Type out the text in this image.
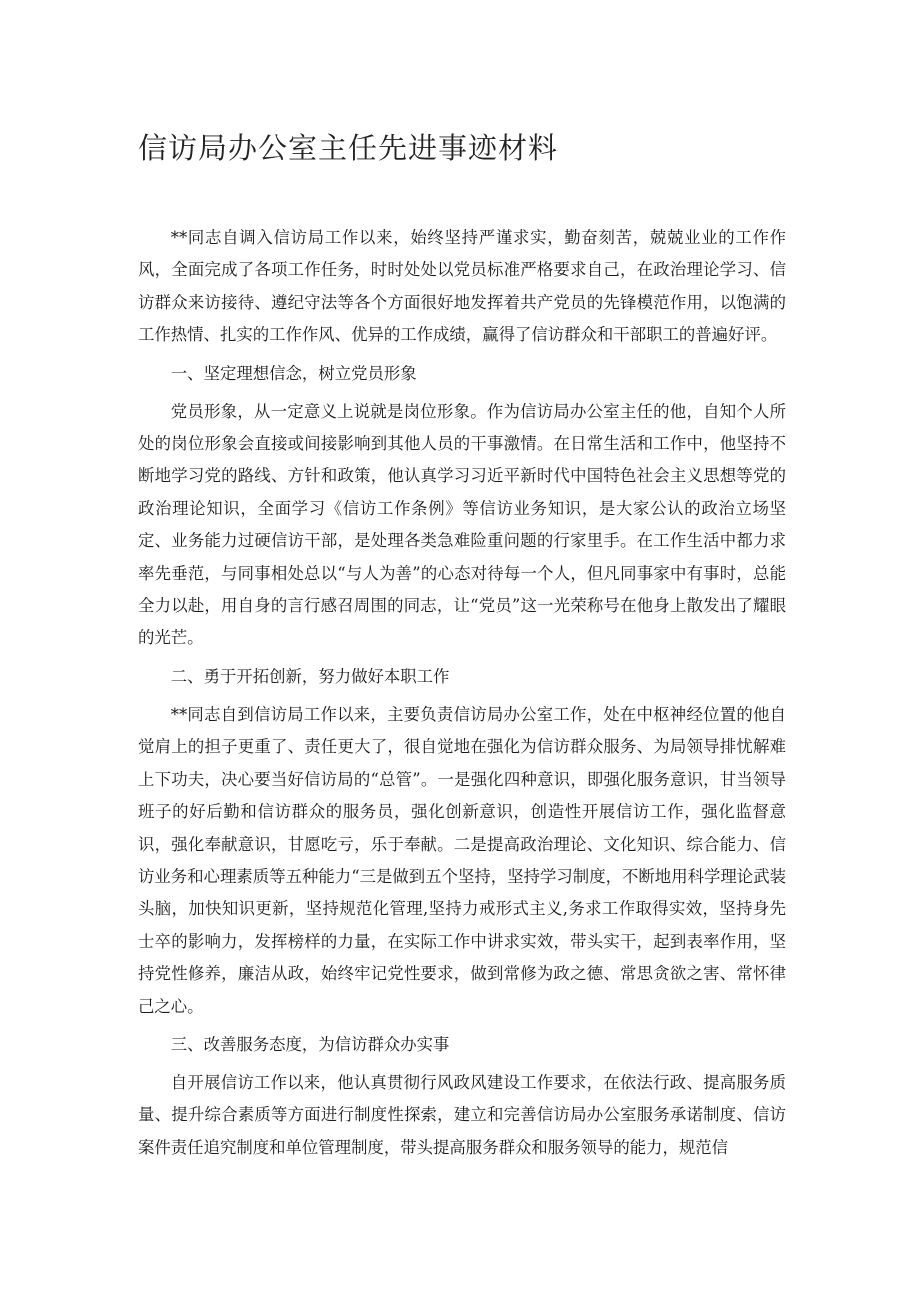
信访局办公室主任先进事迹材料

**同志自调入信访局工作以来，始终坚持严谨求实，勤奋刻苦，兢兢业业的工作作风，全面完成了各项工作任务，时时处处以党员标准严格要求自己，在政治理论学习、信访群众来访接待、遵纪守法等各个方面很好地发挥着共产党员的先锋模范作用，以饱满的工作热情、扎实的工作作风、优异的工作成绩，赢得了信访群众和干部职工的普遍好评。

一、坚定理想信念，树立党员形象

党员形象，从一定意义上说就是岗位形象。作为信访局办公室主任的他，自知个人所处的岗位形象会直接或间接影响到其他人员的干事激情。在日常生活和工作中，他坚持不断地学习党的路线、方针和政策，他认真学习习近平新时代中国特色社会主义思想等党的政治理论知识，全面学习《信访工作条例》等信访业务知识，是大家公认的政治立场坚定、业务能力过硬信访干部，是处理各类急难险重问题的行家里手。在工作生活中都力求率先垂范，与同事相处总以“与人为善”的心态对待每一个人，但凡同事家中有事时，总能全力以赴，用自身的言行感召周围的同志，让“党员”这一光荣称号在他身上散发出了耀眼的光芒。

二、勇于开拓创新，努力做好本职工作

**同志自到信访局工作以来，主要负责信访局办公室工作，处在中枢神经位置的他自觉肩上的担子更重了、责任更大了，很自觉地在强化为信访群众服务、为局领导排忧解难上下功夫，决心要当好信访局的“总管”。一是强化四种意识，即强化服务意识，甘当领导班子的好后勤和信访群众的服务员，强化创新意识，创造性开展信访工作，强化监督意识，强化奉献意识，甘愿吃亏，乐于奉献。二是提高政治理论、文化知识、综合能力、信访业务和心理素质等五种能力“三是做到五个坚持，坚持学习制度，不断地用科学理论武装头脑，加快知识更新，坚持规范化管理,坚持力戒形式主义,务求工作取得实效，坚持身先士卒的影响力，发挥榜样的力量，在实际工作中讲求实效，带头实干，起到表率作用，坚持党性修养，廉洁从政，始终牢记党性要求，做到常修为政之德、常思贪欲之害、常怀律己之心。

三、改善服务态度，为信访群众办实事

自开展信访工作以来，他认真贯彻行风政风建设工作要求，在依法行政、提高服务质量、提升综合素质等方面进行制度性探索，建立和完善信访局办公室服务承诺制度、信访案件责任追究制度和单位管理制度，带头提高服务群众和服务领导的能力，规范信
